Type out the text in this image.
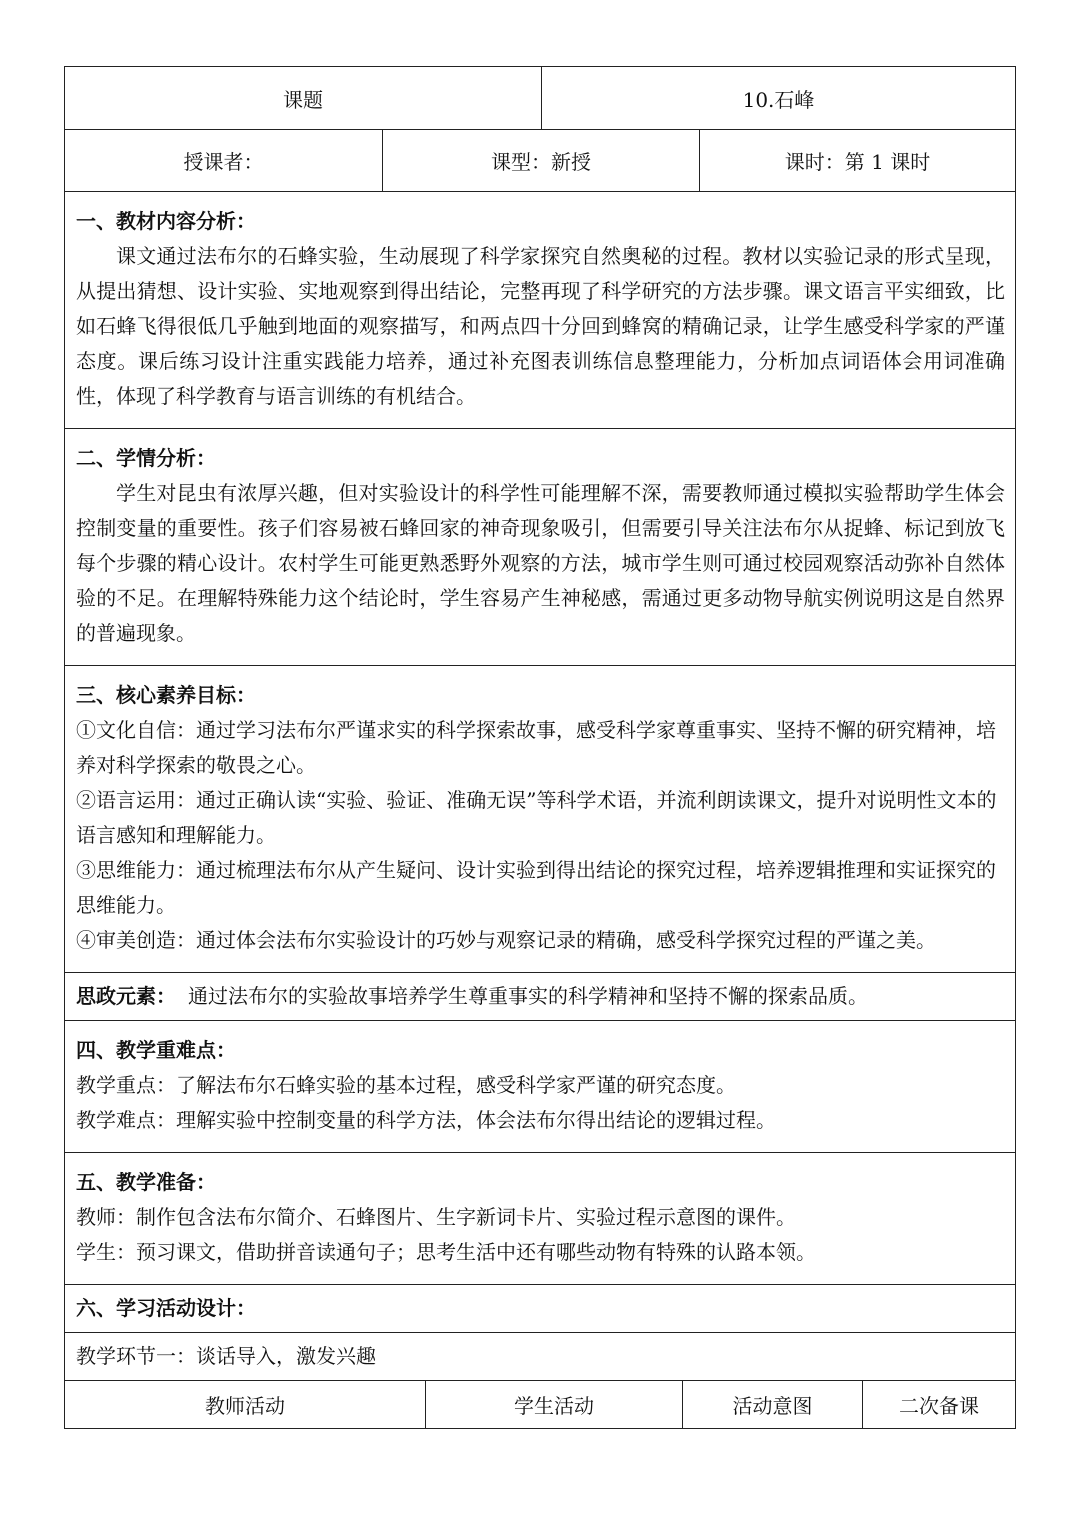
课题	10.石峰
授课者：	课型：新授	课时：第 1 课时

一、教材内容分析：

课文通过法布尔的石蜂实验，生动展现了科学家探究自然奥秘的过程。教材以实验记录的形式呈现，从提出猜想、设计实验、实地观察到得出结论，完整再现了科学研究的方法步骤。课文语言平实细致，比如石蜂飞得很低几乎触到地面的观察描写，和两点四十分回到蜂窝的精确记录，让学生感受科学家的严谨态度。课后练习设计注重实践能力培养，通过补充图表训练信息整理能力，分析加点词语体会用词准确性，体现了科学教育与语言训练的有机结合。

二、学情分析：

学生对昆虫有浓厚兴趣，但对实验设计的科学性可能理解不深，需要教师通过模拟实验帮助学生体会控制变量的重要性。孩子们容易被石蜂回家的神奇现象吸引，但需要引导关注法布尔从捉蜂、标记到放飞每个步骤的精心设计。农村学生可能更熟悉野外观察的方法，城市学生则可通过校园观察活动弥补自然体验的不足。在理解特殊能力这个结论时，学生容易产生神秘感，需通过更多动物导航实例说明这是自然界的普遍现象。

三、核心素养目标：

①文化自信：通过学习法布尔严谨求实的科学探索故事，感受科学家尊重事实、坚持不懈的研究精神，培养对科学探索的敬畏之心。

②语言运用：通过正确认读“实验、验证、准确无误”等科学术语，并流利朗读课文，提升对说明性文本的语言感知和理解能力。

③思维能力：通过梳理法布尔从产生疑问、设计实验到得出结论的探究过程，培养逻辑推理和实证探究的思维能力。

④审美创造：通过体会法布尔实验设计的巧妙与观察记录的精确，感受科学探究过程的严谨之美。

思政元素： 通过法布尔的实验故事培养学生尊重事实的科学精神和坚持不懈的探索品质。

四、教学重难点：

教学重点：了解法布尔石蜂实验的基本过程，感受科学家严谨的研究态度。

教学难点：理解实验中控制变量的科学方法，体会法布尔得出结论的逻辑过程。

五、教学准备：

教师：制作包含法布尔简介、石蜂图片、生字新词卡片、实验过程示意图的课件。

学生：预习课文，借助拼音读通句子；思考生活中还有哪些动物有特殊的认路本领。

六、学习活动设计：

教学环节一：谈话导入，激发兴趣

教师活动	学生活动	活动意图	二次备课
